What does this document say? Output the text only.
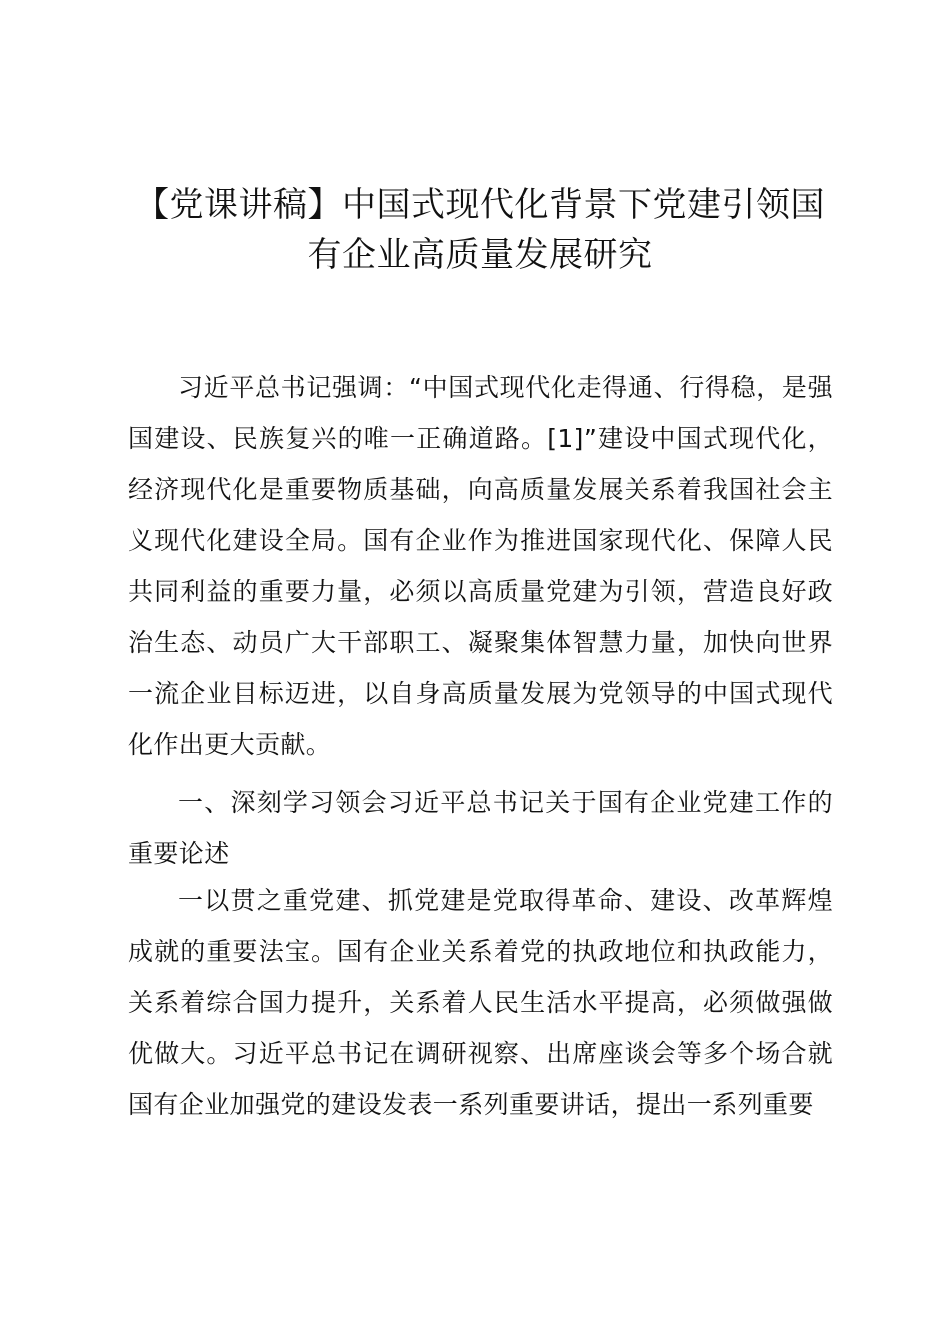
【党课讲稿】中国式现代化背景下党建引领国
有企业高质量发展研究

习近平总书记强调：“中国式现代化走得通、行得稳，是强国建设、民族复兴的唯一正确道路。[1]”建设中国式现代化，经济现代化是重要物质基础，向高质量发展关系着我国社会主义现代化建设全局。国有企业作为推进国家现代化、保障人民共同利益的重要力量，必须以高质量党建为引领，营造良好政治生态、动员广大干部职工、凝聚集体智慧力量，加快向世界一流企业目标迈进，以自身高质量发展为党领导的中国式现代化作出更大贡献。

一、深刻学习领会习近平总书记关于国有企业党建工作的重要论述

一以贯之重党建、抓党建是党取得革命、建设、改革辉煌成就的重要法宝。国有企业关系着党的执政地位和执政能力，关系着综合国力提升，关系着人民生活水平提高，必须做强做优做大。习近平总书记在调研视察、出席座谈会等多个场合就国有企业加强党的建设发表一系列重要讲话，提出一系列重要
